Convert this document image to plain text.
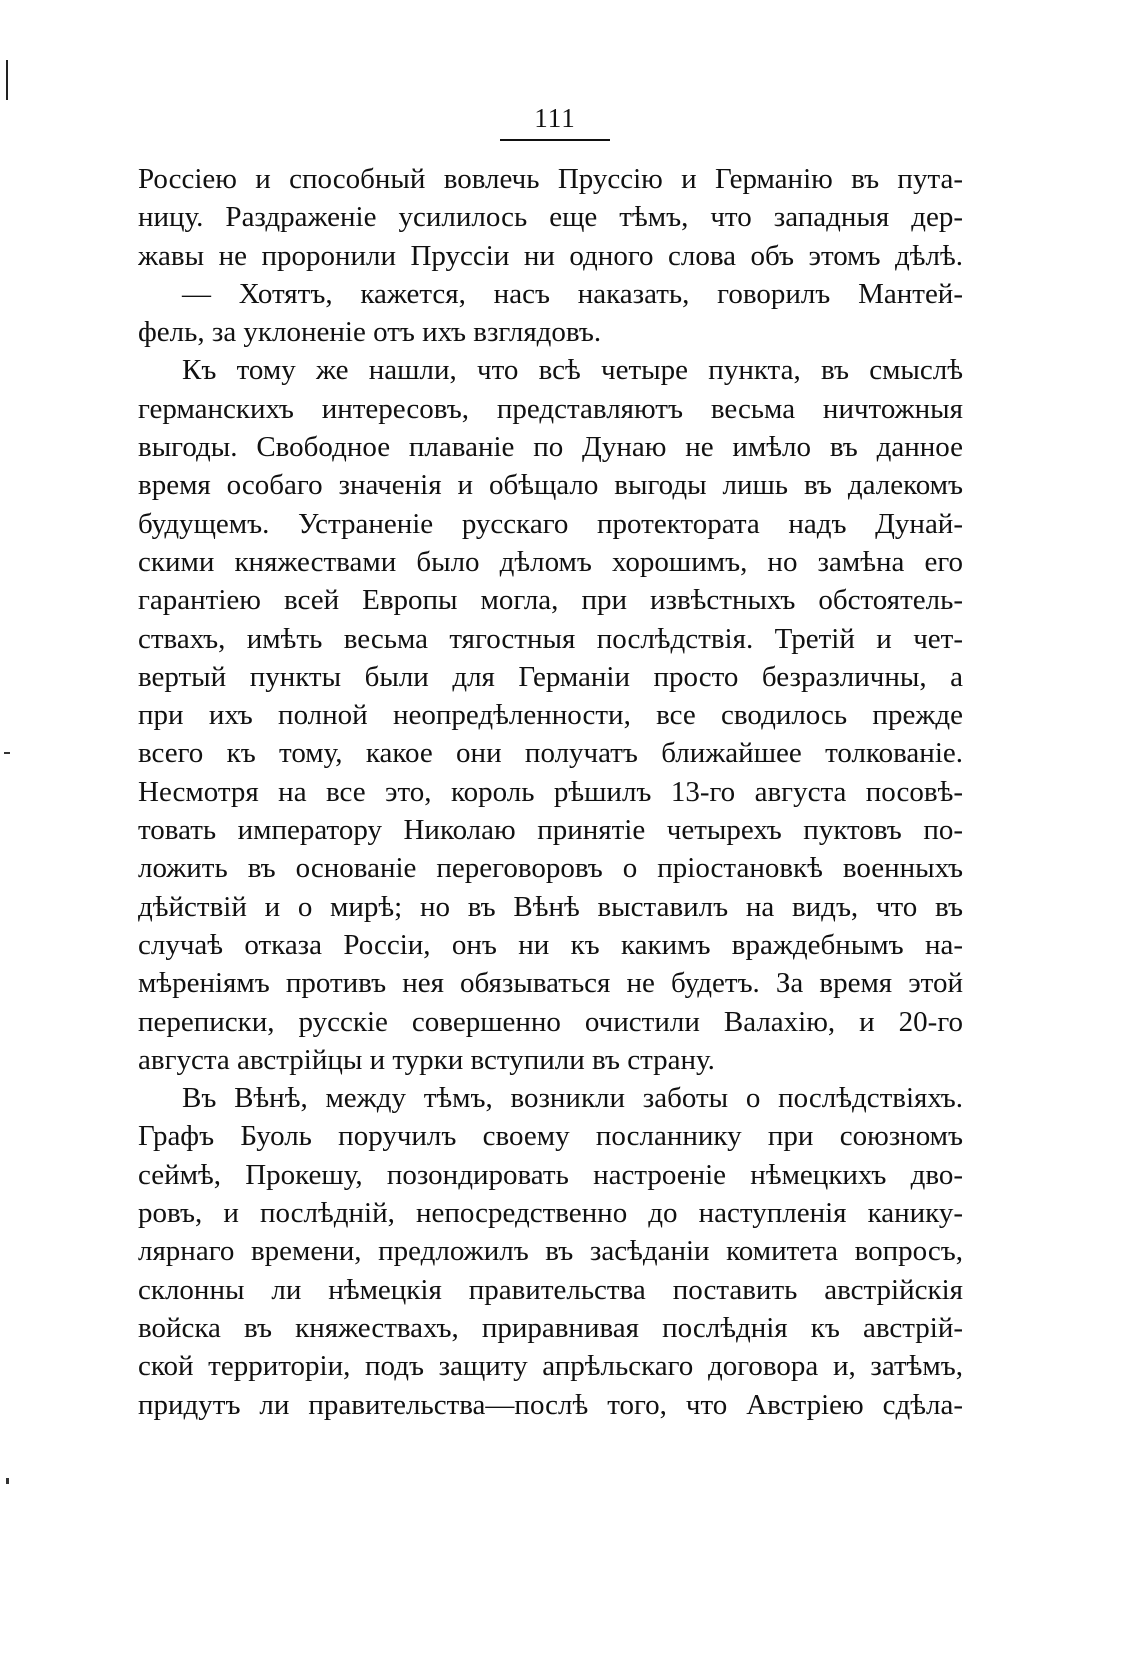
111
Россiею и способный вовлечь Пруссiю и Германiю въ пута-
ницу. Раздраженiе усилилось еще тѣмъ, что западныя дер-
жавы не проронили Пруссiи ни одного слова объ этомъ дѣлѣ.
— Хотятъ, кажется, насъ наказать, говорилъ Мантей-
фель, за уклоненiе отъ ихъ взглядовъ.
Къ тому же нашли, что всѣ четыре пункта, въ смыслѣ
германскихъ интересовъ, представляютъ весьма ничтожныя
выгоды. Свободное плаванiе по Дунаю не имѣло въ данное
время особаго значенiя и обѣщало выгоды лишь въ далекомъ
будущемъ. Устраненiе русскаго протектората надъ Дунай-
скими княжествами было дѣломъ хорошимъ, но замѣна его
гарантiею всей Европы могла, при извѣстныхъ обстоятель-
ствахъ, имѣть весьма тягостныя послѣдствiя. Третiй и чет-
вертый пункты были для Германiи просто безразличны, а
при ихъ полной неопредѣленности, все сводилось прежде
всего къ тому, какое они получатъ ближайшее толкованiе.
Несмотря на все это, король рѣшилъ 13-го августа посовѣ-
товать императору Николаю принятiе четырехъ пуктовъ по-
ложить въ основанiе переговоровъ о прiостановкѣ военныхъ
дѣйствiй и о мирѣ; но въ Вѣнѣ выставилъ на видъ, что въ
случаѣ отказа Россiи, онъ ни къ какимъ враждебнымъ на-
мѣренiямъ противъ нея обязываться не будетъ. За время этой
переписки, русскiе совершенно очистили Валахiю, и 20-го
августа австрiйцы и турки вступили въ страну.
Въ Вѣнѣ, между тѣмъ, возникли заботы о послѣдствiяхъ.
Графъ Буоль поручилъ своему посланнику при союзномъ
сеймѣ, Прокешу, позондировать настроенiе нѣмецкихъ дво-
ровъ, и послѣднiй, непосредственно до наступленiя канику-
лярнаго времени, предложилъ въ засѣданiи комитета вопросъ,
склонны ли нѣмецкiя правительства поставить австрiйскiя
войска въ княжествахъ, приравнивая послѣднiя къ австрiй-
ской территорiи, подъ защиту апрѣльскаго договора и, затѣмъ,
придутъ ли правительства—послѣ того, что Австрiею сдѣла-
